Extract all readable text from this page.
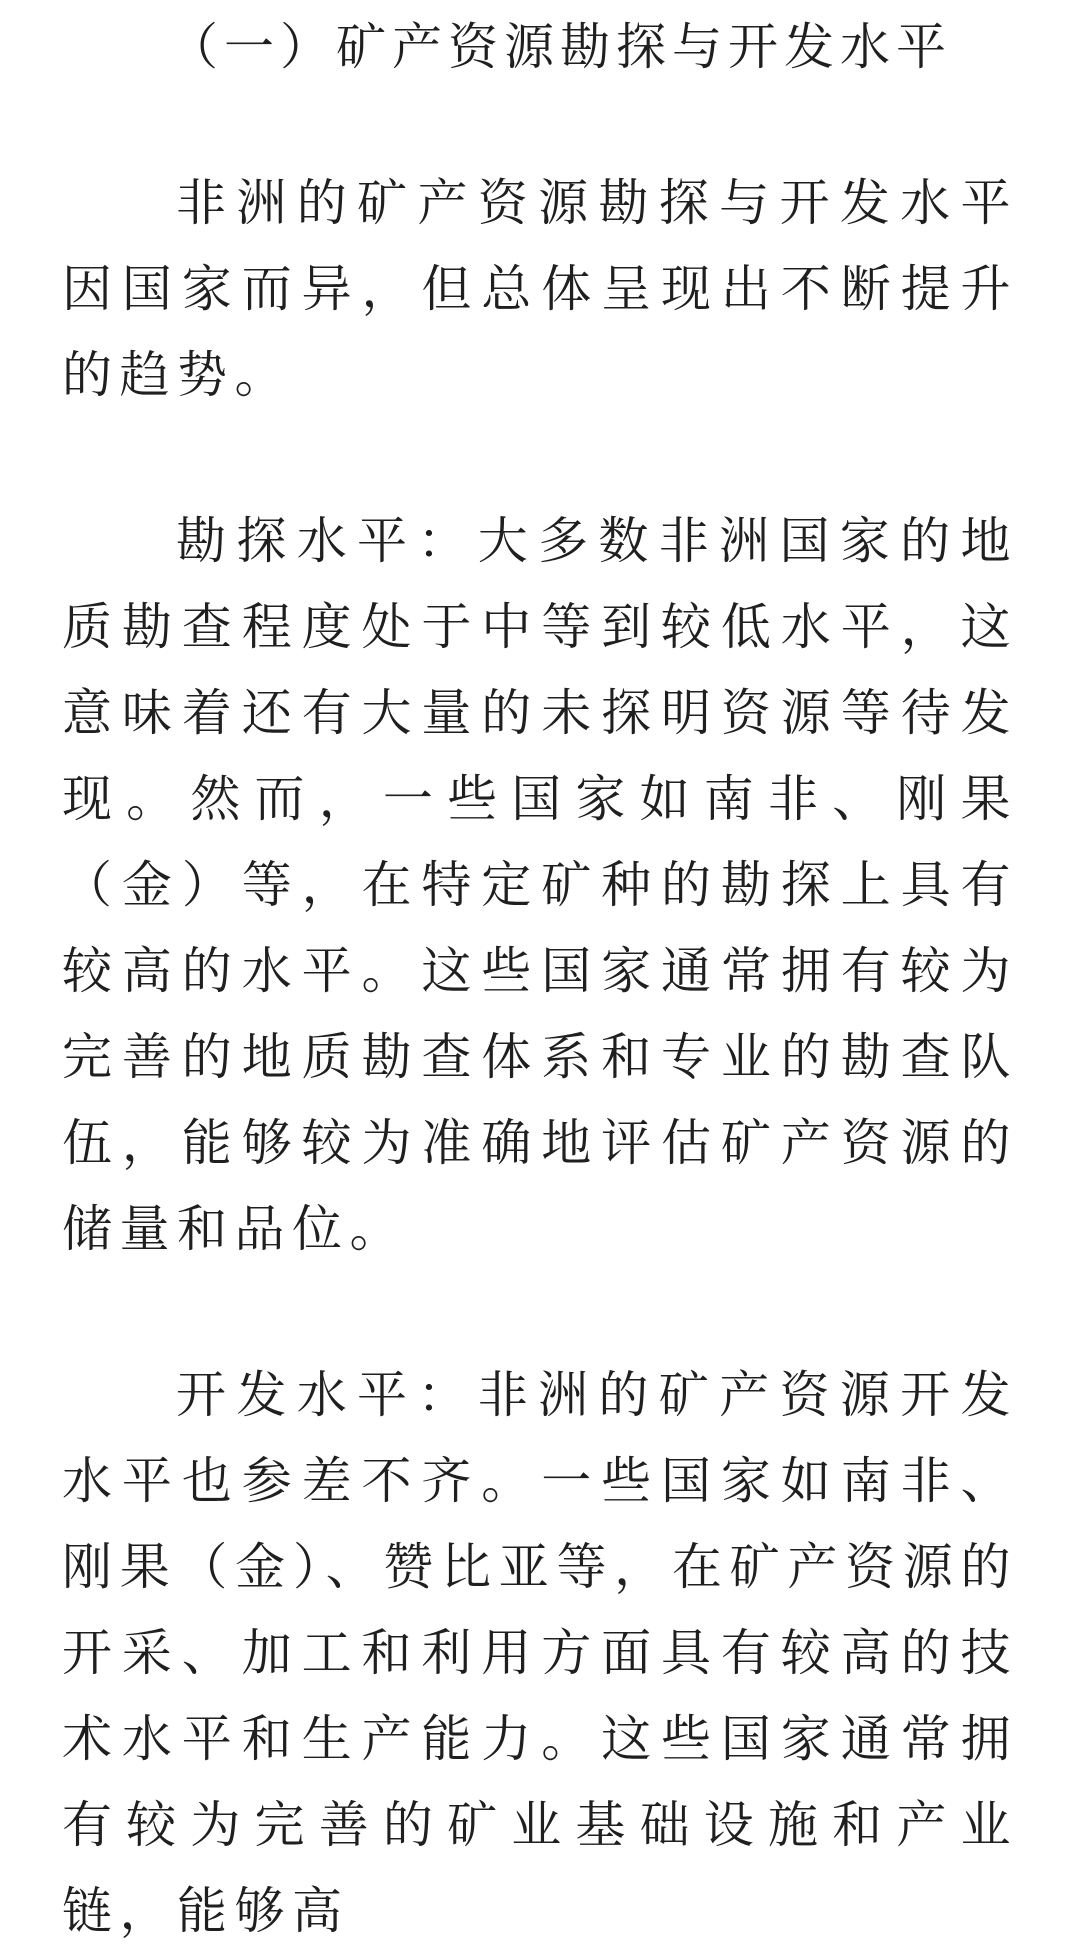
（一）矿产资源勘探与开发水平

非洲的矿产资源勘探与开发水平因国家而异，但总体呈现出不断提升的趋势。

勘探水平：大多数非洲国家的地质勘查程度处于中等到较低水平，这意味着还有大量的未探明资源等待发现。然而，一些国家如南非、刚果（金）等，在特定矿种的勘探上具有较高的水平。这些国家通常拥有较为完善的地质勘查体系和专业的勘查队伍，能够较为准确地评估矿产资源的储量和品位。

开发水平：非洲的矿产资源开发水平也参差不齐。一些国家如南非、刚果（金）、赞比亚等，在矿产资源的开采、加工和利用方面具有较高的技术水平和生产能力。这些国家通常拥有较为完善的矿业基础设施和产业链，能够高
